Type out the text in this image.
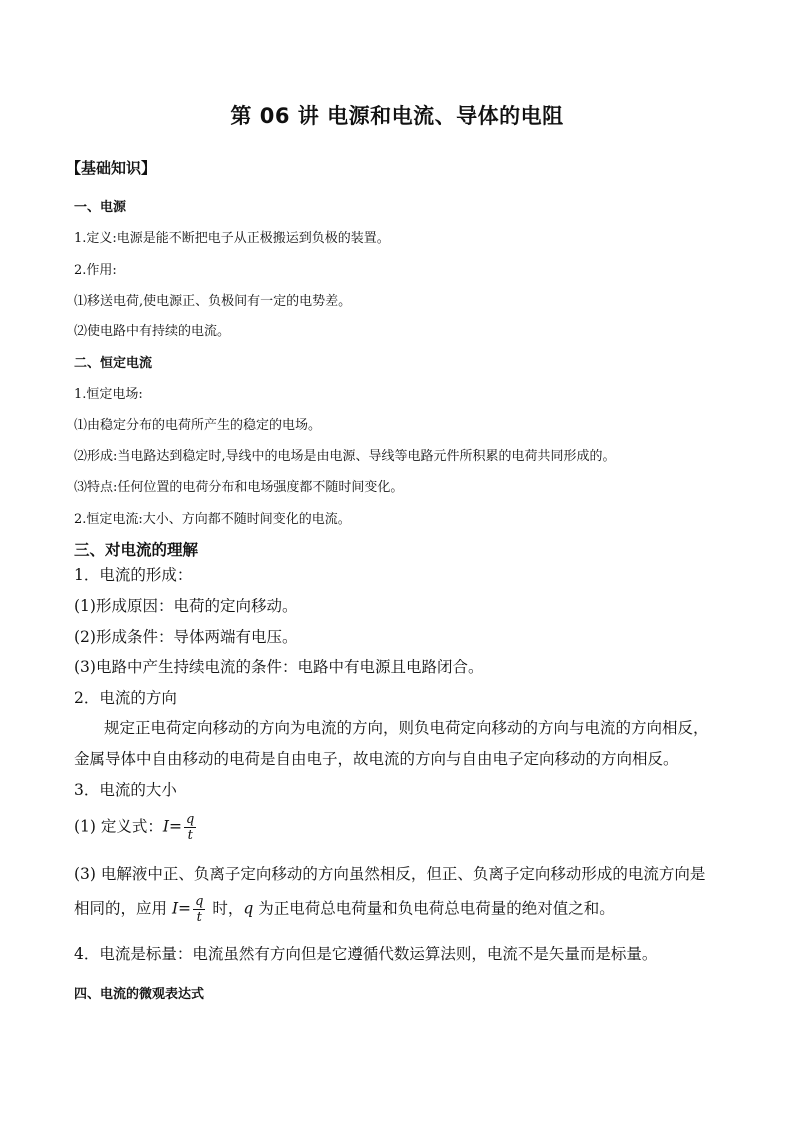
第 06 讲 电源和电流、导体的电阻
【基础知识】
一、电源
1.定义:电源是能不断把电子从正极搬运到负极的装置。
2.作用:
⑴移送电荷,使电源正、负极间有一定的电势差。
⑵使电路中有持续的电流。
二、恒定电流
1.恒定电场:
⑴由稳定分布的电荷所产生的稳定的电场。
⑵形成:当电路达到稳定时,导线中的电场是由电源、导线等电路元件所积累的电荷共同形成的。
⑶特点:任何位置的电荷分布和电场强度都不随时间变化。
2.恒定电流:大小、方向都不随时间变化的电流。
三、对电流的理解
1．电流的形成：
(1)形成原因：电荷的定向移动。
(2)形成条件：导体两端有电压。
(3)电路中产生持续电流的条件：电路中有电源且电路闭合。
2．电流的方向
规定正电荷定向移动的方向为电流的方向，则负电荷定向移动的方向与电流的方向相反，
金属导体中自由移动的电荷是自由电子，故电流的方向与自由电子定向移动的方向相反。
3．电流的大小
(1) 定义式：$I= \frac{q}{t}$
(3) 电解液中正、负离子定向移动的方向虽然相反，但正、负离子定向移动形成的电流方向是
相同的，应用 $I= \frac{q}{t}$ 时，q 为正电荷总电荷量和负电荷总电荷量的绝对值之和。
4．电流是标量：电流虽然有方向但是它遵循代数运算法则，电流不是矢量而是标量。
四、电流的微观表达式
